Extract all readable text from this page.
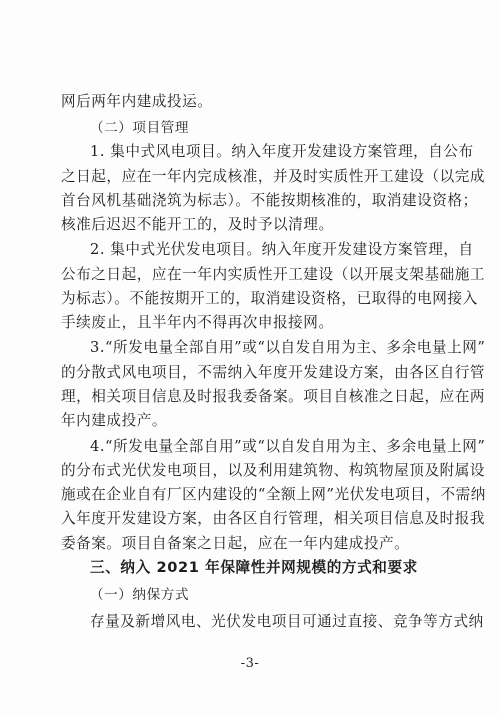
网后两年内建成投运。
（二）项目管理
1. 集中式风电项目。纳入年度开发建设方案管理，自公布
之日起，应在一年内完成核准，并及时实质性开工建设（以完成
首台风机基础浇筑为标志）。不能按期核准的，取消建设资格；
核准后迟迟不能开工的，及时予以清理。
2. 集中式光伏发电项目。纳入年度开发建设方案管理，自
公布之日起，应在一年内实质性开工建设（以开展支架基础施工
为标志）。不能按期开工的，取消建设资格，已取得的电网接入
手续废止，且半年内不得再次申报接网。
3.“所发电量全部自用”或“以自发自用为主、多余电量上网”
的分散式风电项目，不需纳入年度开发建设方案，由各区自行管
理，相关项目信息及时报我委备案。项目自核准之日起，应在两
年内建成投产。
4.“所发电量全部自用”或“以自发自用为主、多余电量上网”
的分布式光伏发电项目，以及利用建筑物、构筑物屋顶及附属设
施或在企业自有厂区内建设的“全额上网”光伏发电项目，不需纳
入年度开发建设方案，由各区自行管理，相关项目信息及时报我
委备案。项目自备案之日起，应在一年内建成投产。
三、纳入 2021 年保障性并网规模的方式和要求
（一）纳保方式
存量及新增风电、光伏发电项目可通过直接、竞争等方式纳
-3-
